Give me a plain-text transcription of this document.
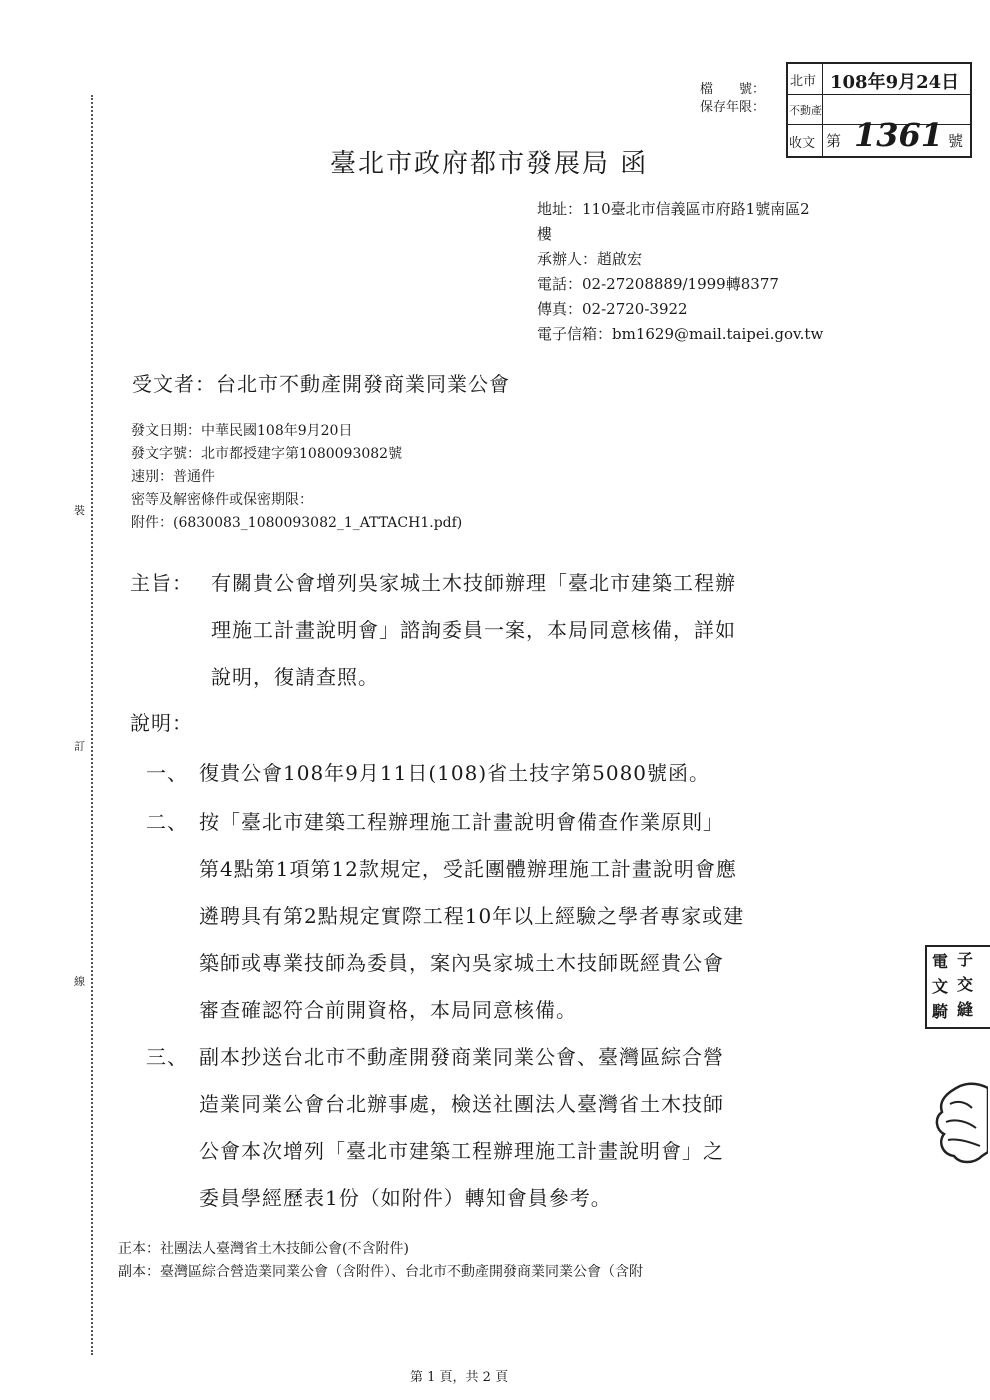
裝
訂
線
檔　　號：
保存年限：
北市 108年9月24日
不動產
收文 第 1361 號
臺北市政府都市發展局 函
地址：110臺北市信義區市府路1號南區2
樓
承辦人：趙啟宏
電話：02-27208889/1999轉8377
傳真：02-2720-3922
電子信箱：bm1629@mail.taipei.gov.tw
受文者：台北市不動產開發商業同業公會
發文日期：中華民國108年9月20日
發文字號：北市都授建字第1080093082號
速別：普通件
密等及解密條件或保密期限：
附件：(6830083_1080093082_1_ATTACH1.pdf)
主旨： 有關貴公會增列吳家城土木技師辦理「臺北市建築工程辦
理施工計畫說明會」諮詢委員一案，本局同意核備，詳如
說明，復請查照。
說明：
一、 復貴公會108年9月11日(108)省土技字第5080號函。
二、 按「臺北市建築工程辦理施工計畫說明會備查作業原則」
第4點第1項第12款規定，受託團體辦理施工計畫說明會應
遴聘具有第2點規定實際工程10年以上經驗之學者專家或建
築師或專業技師為委員，案內吳家城土木技師既經貴公會
審查確認符合前開資格，本局同意核備。
三、 副本抄送台北市不動產開發商業同業公會、臺灣區綜合營
造業同業公會台北辦事處，檢送社團法人臺灣省土木技師
公會本次增列「臺北市建築工程辦理施工計畫說明會」之
委員學經歷表1份（如附件）轉知會員參考。
正本：社團法人臺灣省土木技師公會(不含附件)
副本：臺灣區綜合營造業同業公會（含附件）、台北市不動產開發商業同業公會（含附
電 子
文 交
騎 縫
第 1 頁，共 2 頁
